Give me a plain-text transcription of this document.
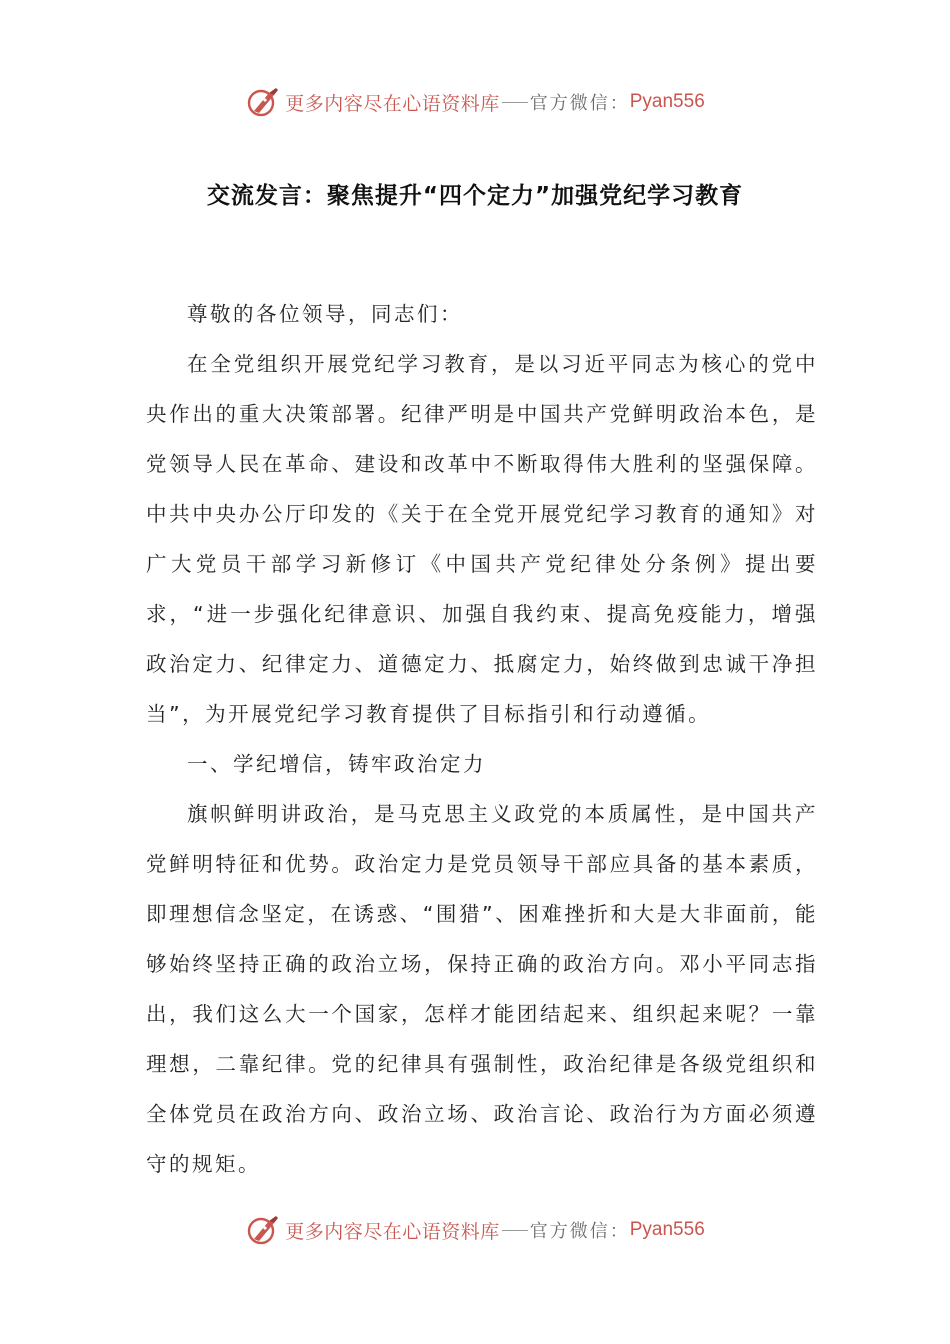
更多内容尽在心语资料库 官方微信： Pyan556
交流发言：聚焦提升“四个定力”加强党纪学习教育

尊敬的各位领导，同志们：

在全党组织开展党纪学习教育，是以习近平同志为核心的党中央作出的重大决策部署。纪律严明是中国共产党鲜明政治本色，是党领导人民在革命、建设和改革中不断取得伟大胜利的坚强保障。中共中央办公厅印发的《关于在全党开展党纪学习教育的通知》对广大党员干部学习新修订《中国共产党纪律处分条例》提出要求，“进一步强化纪律意识、加强自我约束、提高免疫能力，增强政治定力、纪律定力、道德定力、抵腐定力，始终做到忠诚干净担当”，为开展党纪学习教育提供了目标指引和行动遵循。

一、学纪增信，铸牢政治定力

旗帜鲜明讲政治，是马克思主义政党的本质属性，是中国共产党鲜明特征和优势。政治定力是党员领导干部应具备的基本素质，即理想信念坚定，在诱惑、“围猎”、困难挫折和大是大非面前，能够始终坚持正确的政治立场，保持正确的政治方向。邓小平同志指出，我们这么大一个国家，怎样才能团结起来、组织起来呢？一靠理想，二靠纪律。党的纪律具有强制性，政治纪律是各级党组织和全体党员在政治方向、政治立场、政治言论、政治行为方面必须遵守的规矩。

更多内容尽在心语资料库 官方微信： Pyan556
